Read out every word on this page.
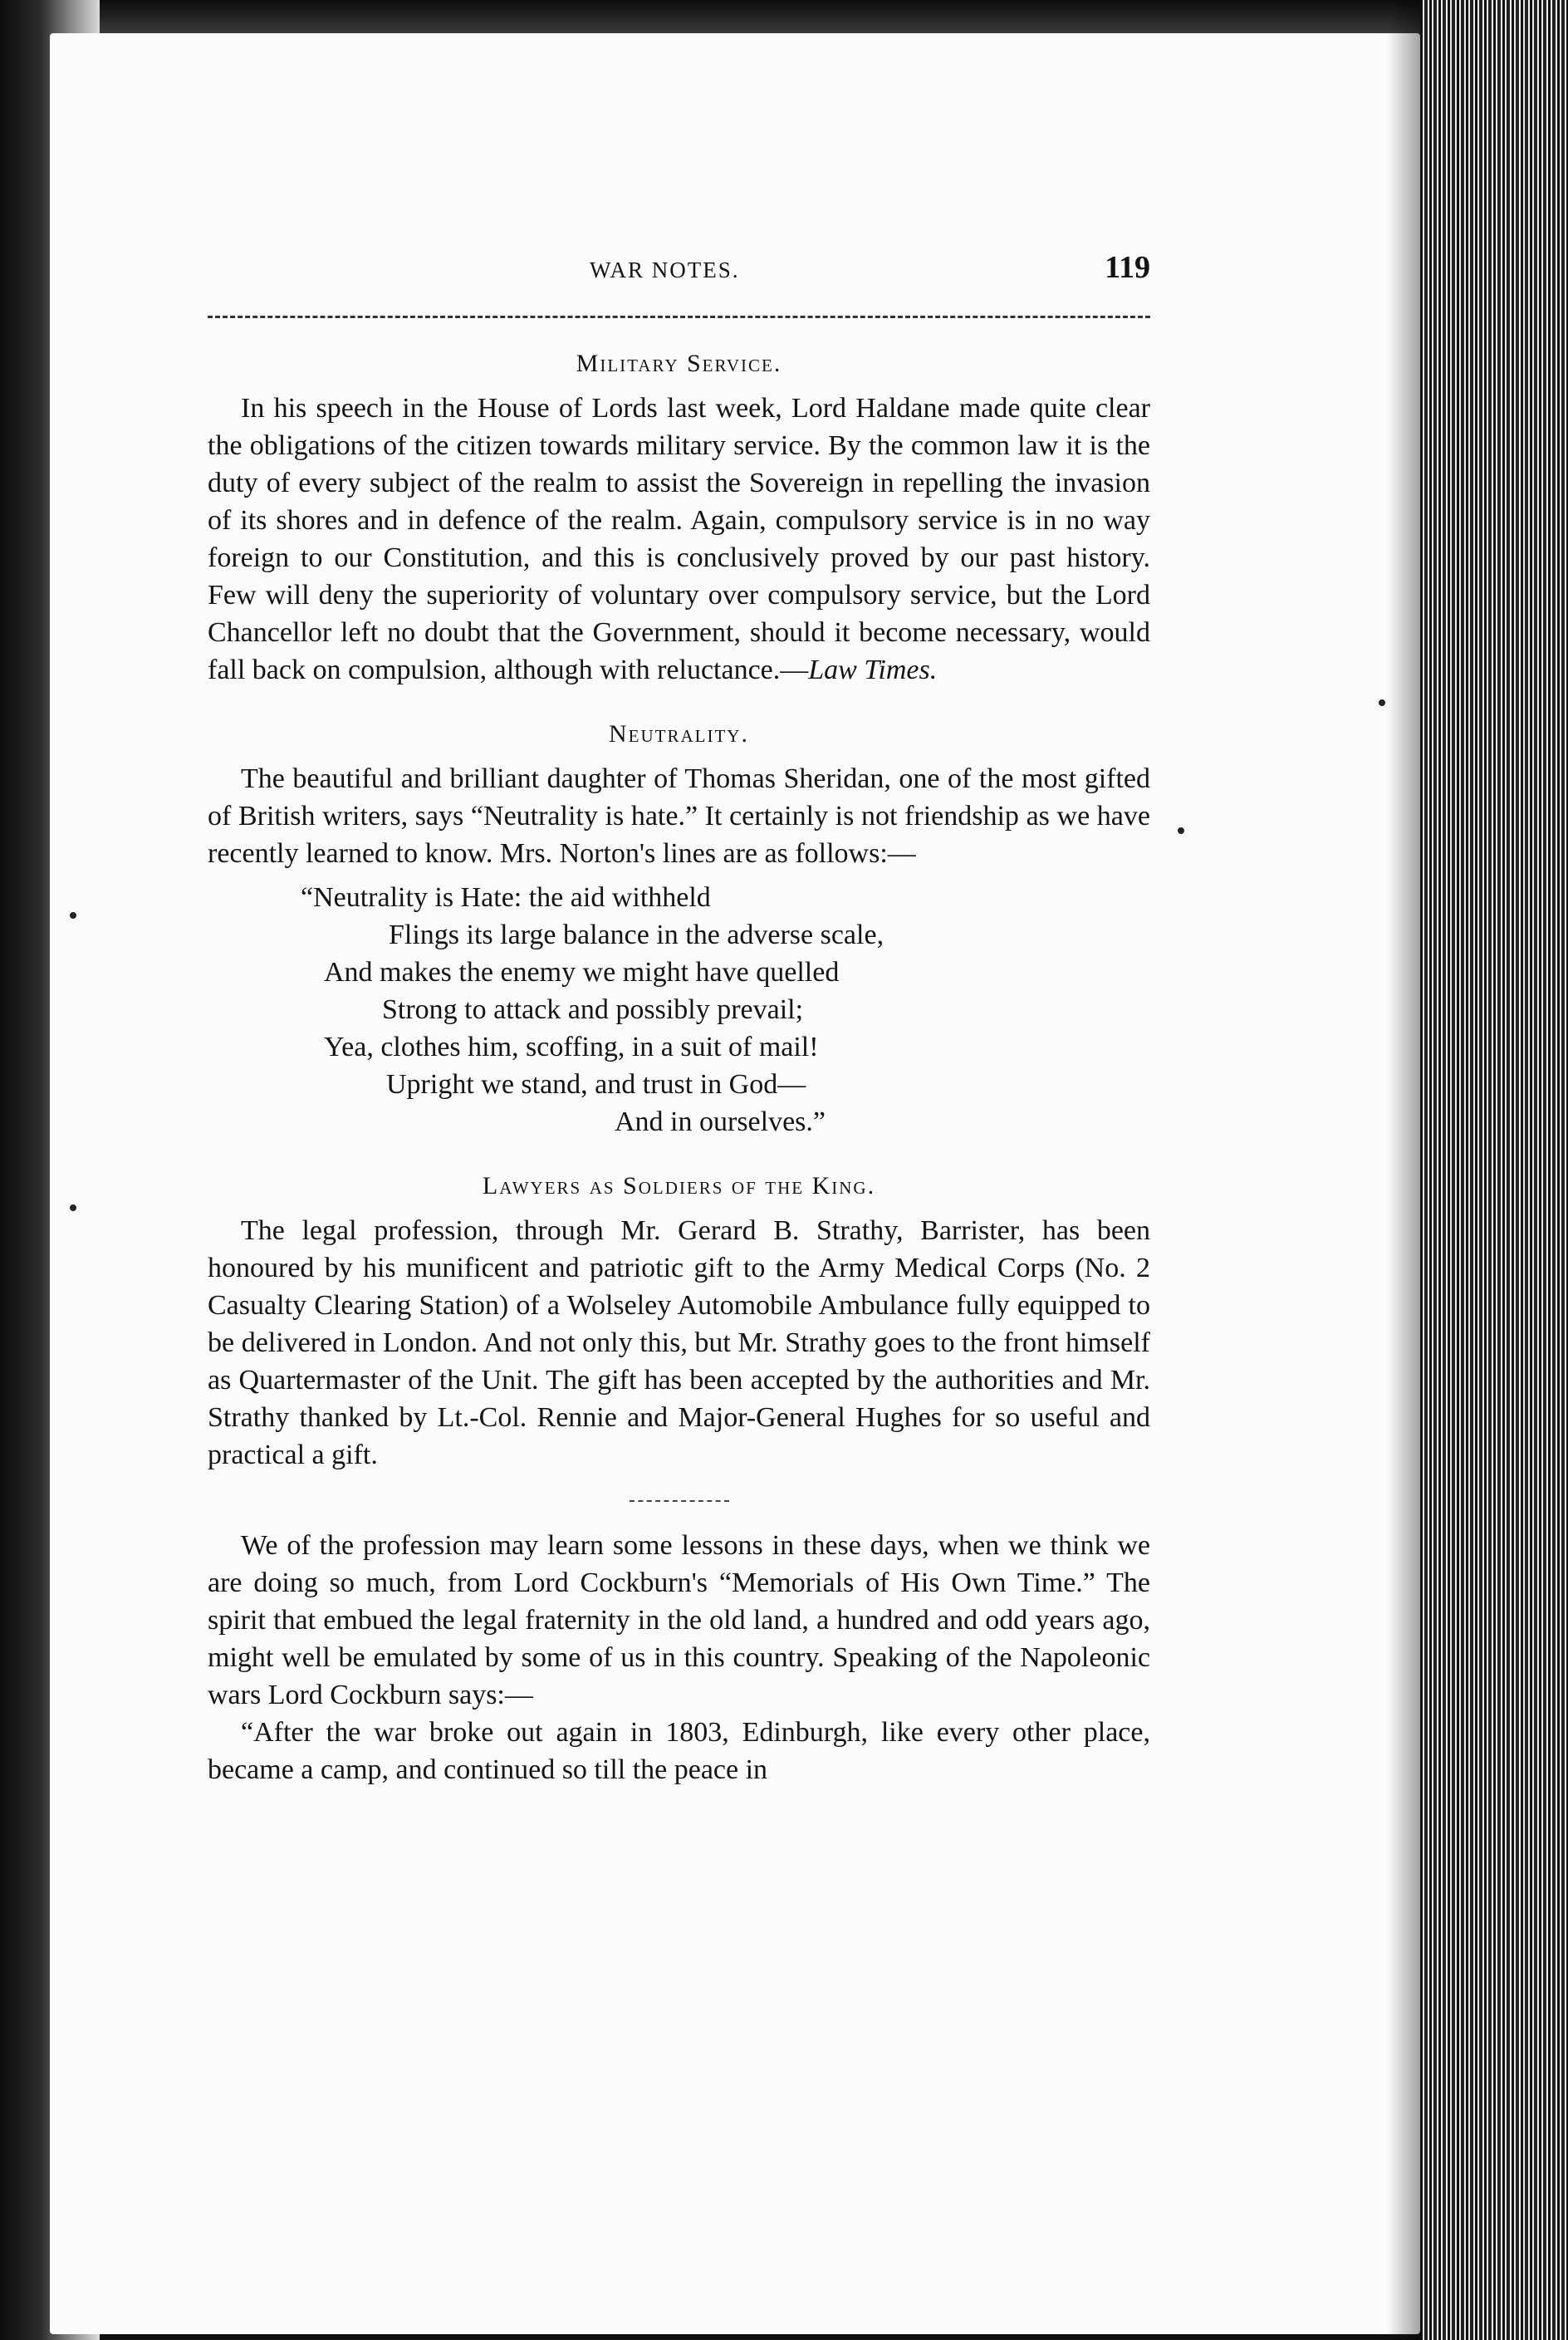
WAR NOTES.	119
Military Service.

In his speech in the House of Lords last week, Lord Haldane made quite clear the obligations of the citizen towards military service. By the common law it is the duty of every subject of the realm to assist the Sovereign in repelling the invasion of its shores and in defence of the realm. Again, compulsory service is in no way foreign to our Constitution, and this is conclusively proved by our past history. Few will deny the superiority of voluntary over compulsory service, but the Lord Chancellor left no doubt that the Government, should it become necessary, would fall back on compulsion, although with reluctance.—Law Times.

Neutrality.

The beautiful and brilliant daughter of Thomas Sheridan, one of the most gifted of British writers, says “Neutrality is hate.” It certainly is not friendship as we have recently learned to know. Mrs. Norton's lines are as follows:—

“Neutrality is Hate: the aid withheld
Flings its large balance in the adverse scale,
And makes the enemy we might have quelled
Strong to attack and possibly prevail;
Yea, clothes him, scoffing, in a suit of mail!
Upright we stand, and trust in God—
And in ourselves.”
Lawyers as Soldiers of the King.

The legal profession, through Mr. Gerard B. Strathy, Barrister, has been honoured by his munificent and patriotic gift to the Army Medical Corps (No. 2 Casualty Clearing Station) of a Wolseley Automobile Ambulance fully equipped to be delivered in London. And not only this, but Mr. Strathy goes to the front himself as Quartermaster of the Unit. The gift has been accepted by the authorities and Mr. Strathy thanked by Lt.-Col. Rennie and Major-General Hughes for so useful and practical a gift.

We of the profession may learn some lessons in these days, when we think we are doing so much, from Lord Cockburn's “Memorials of His Own Time.” The spirit that embued the legal fraternity in the old land, a hundred and odd years ago, might well be emulated by some of us in this country. Speaking of the Napoleonic wars Lord Cockburn says:—

“After the war broke out again in 1803, Edinburgh, like every other place, became a camp, and continued so till the peace in
